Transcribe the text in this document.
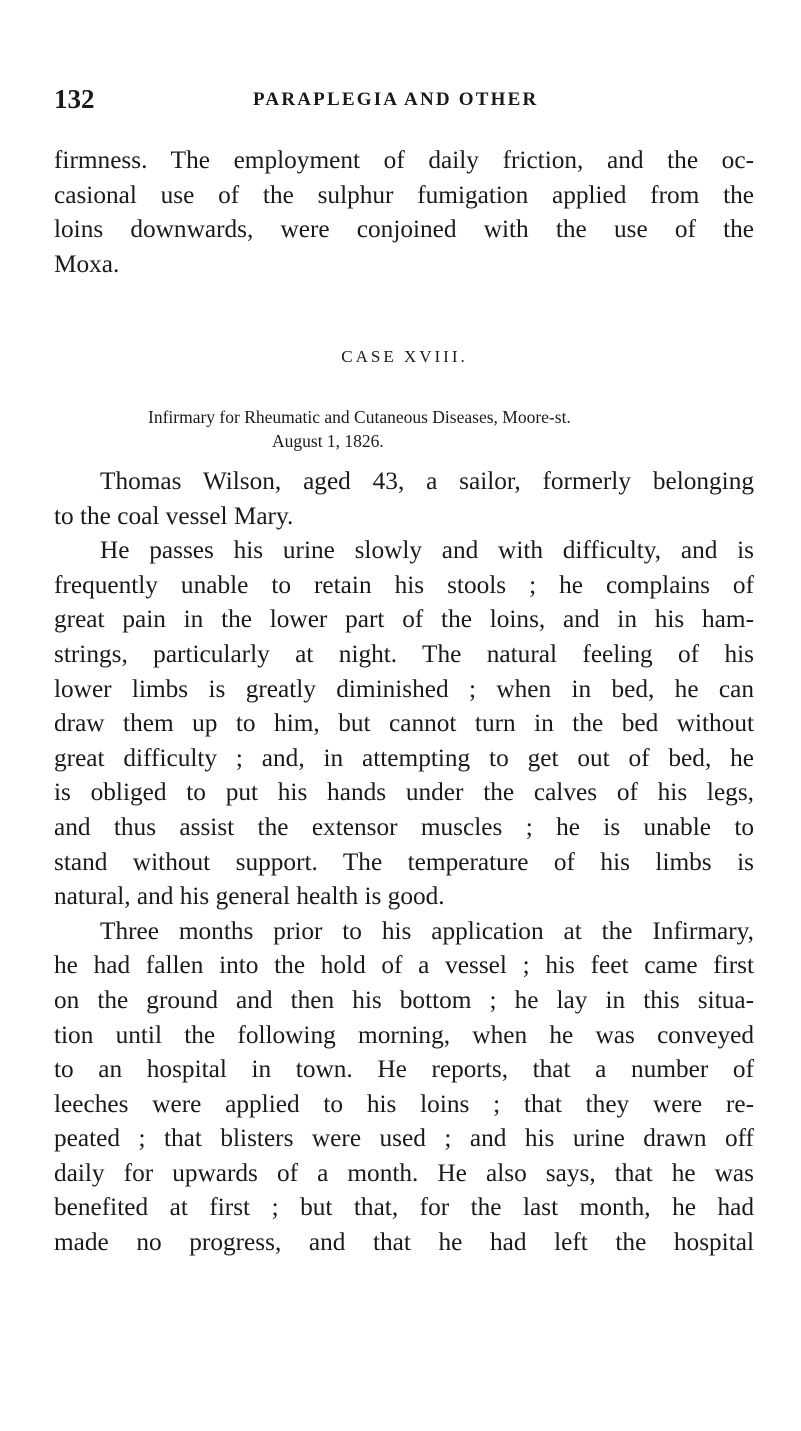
132	PARAPLEGIA AND OTHER

firmness. The employment of daily friction, and the oc-
casional use of the sulphur fumigation applied from the
loins downwards, were conjoined with the use of the
Moxa.

CASE XVIII.
Infirmary for Rheumatic and Cutaneous Diseases, Moore-st.
August 1, 1826.

Thomas Wilson, aged 43, a sailor, formerly belonging
to the coal vessel Mary.
He passes his urine slowly and with difficulty, and is
frequently unable to retain his stools ; he complains of
great pain in the lower part of the loins, and in his ham-
strings, particularly at night. The natural feeling of his
lower limbs is greatly diminished ; when in bed, he can
draw them up to him, but cannot turn in the bed without
great difficulty ; and, in attempting to get out of bed, he
is obliged to put his hands under the calves of his legs,
and thus assist the extensor muscles ; he is unable to
stand without support. The temperature of his limbs is
natural, and his general health is good.
Three months prior to his application at the Infirmary,
he had fallen into the hold of a vessel ; his feet came first
on the ground and then his bottom ; he lay in this situa-
tion until the following morning, when he was conveyed
to an hospital in town. He reports, that a number of
leeches were applied to his loins ; that they were re-
peated ; that blisters were used ; and his urine drawn off
daily for upwards of a month. He also says, that he was
benefited at first ; but that, for the last month, he had
made no progress, and that he had left the hospital
